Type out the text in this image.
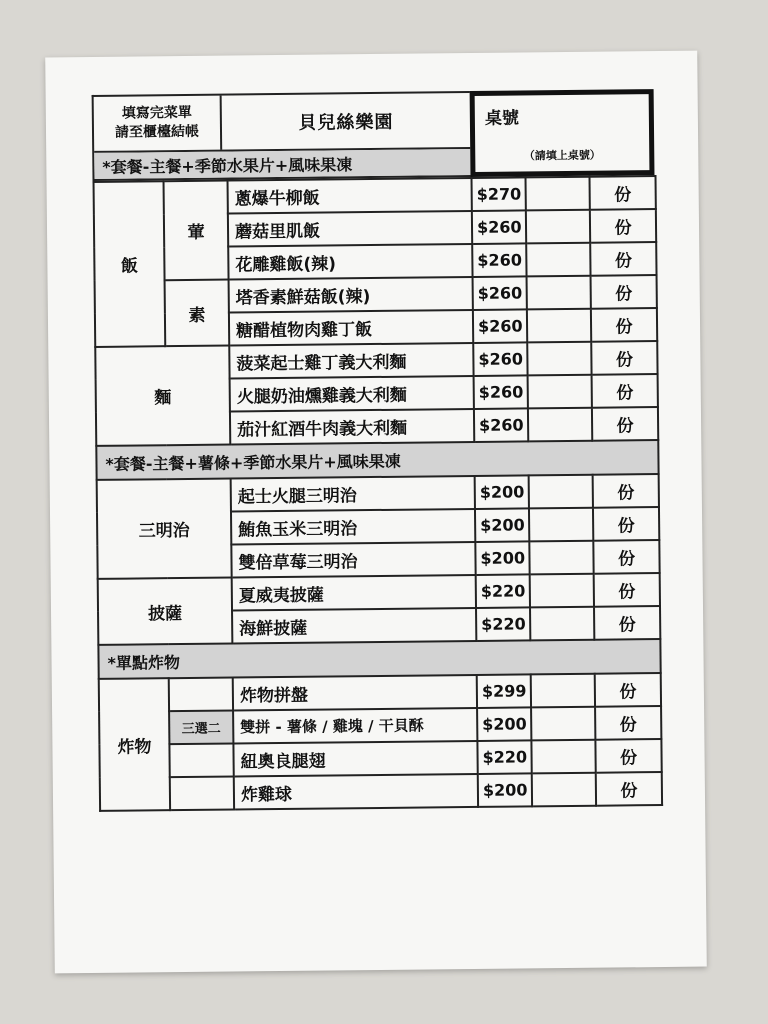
填寫完菜單
請至櫃檯結帳	貝兒絲樂園
*套餐-主餐+季節水果片+風味果凍
桌號
（請填上桌號）
飯	葷	蔥爆牛柳飯	$270		份
		蘑菇里肌飯	$260		份
		花雕雞飯(辣)	$260		份
	素	塔香素鮮菇飯(辣)	$260		份
		糖醋植物肉雞丁飯	$260		份
麵		菠菜起士雞丁義大利麵	$260		份
		火腿奶油燻雞義大利麵	$260		份
		茄汁紅酒牛肉義大利麵	$260		份
*套餐-主餐+薯條+季節水果片+風味果凍					
三明治		起士火腿三明治	$200		份
		鮪魚玉米三明治	$200		份
		雙倍草莓三明治	$200		份
披薩		夏威夷披薩	$220		份
		海鮮披薩	$220		份
*單點炸物					
炸物		炸物拼盤	$299		份
	三選二	雙拼 - 薯條 / 雞塊 / 干貝酥	$200		份
		紐奧良腿翅	$220		份
		炸雞球	$200		份
